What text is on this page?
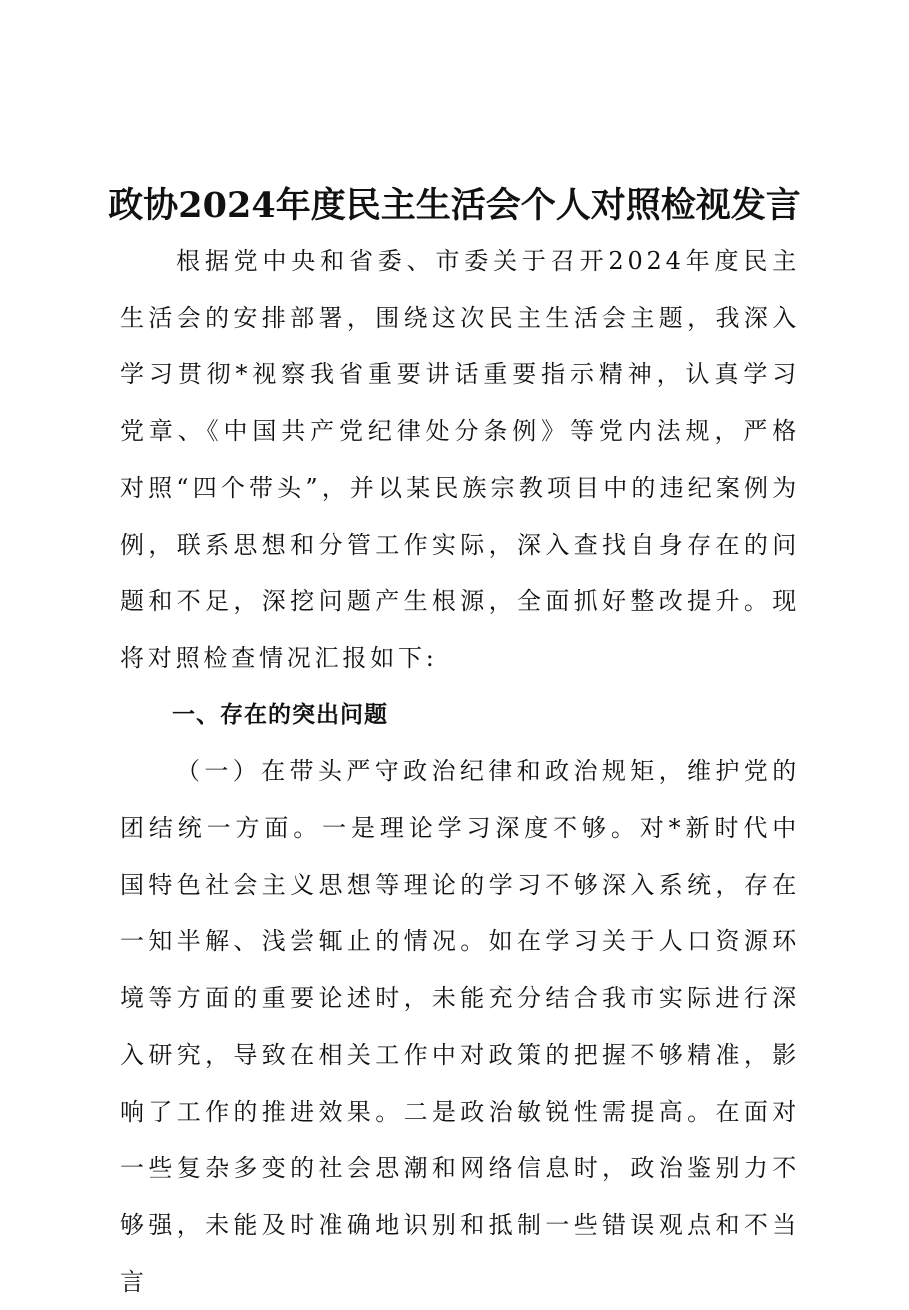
政协2024年度民主生活会个人对照检视发言

根据党中央和省委、市委关于召开2024年度民主生活会的安排部署，围绕这次民主生活会主题，我深入学习贯彻*视察我省重要讲话重要指示精神，认真学习党章、《中国共产党纪律处分条例》等党内法规，严格对照“四个带头”，并以某民族宗教项目中的违纪案例为例，联系思想和分管工作实际，深入查找自身存在的问题和不足，深挖问题产生根源，全面抓好整改提升。现将对照检查情况汇报如下:

一、存在的突出问题

（一）在带头严守政治纪律和政治规矩，维护党的团结统一方面。一是理论学习深度不够。对*新时代中国特色社会主义思想等理论的学习不够深入系统，存在一知半解、浅尝辄止的情况。如在学习关于人口资源环境等方面的重要论述时，未能充分结合我市实际进行深入研究，导致在相关工作中对政策的把握不够精准，影响了工作的推进效果。二是政治敏锐性需提高。在面对一些复杂多变的社会思潮和网络信息时，政治鉴别力不够强，未能及时准确地识别和抵制一些错误观点和不当言
